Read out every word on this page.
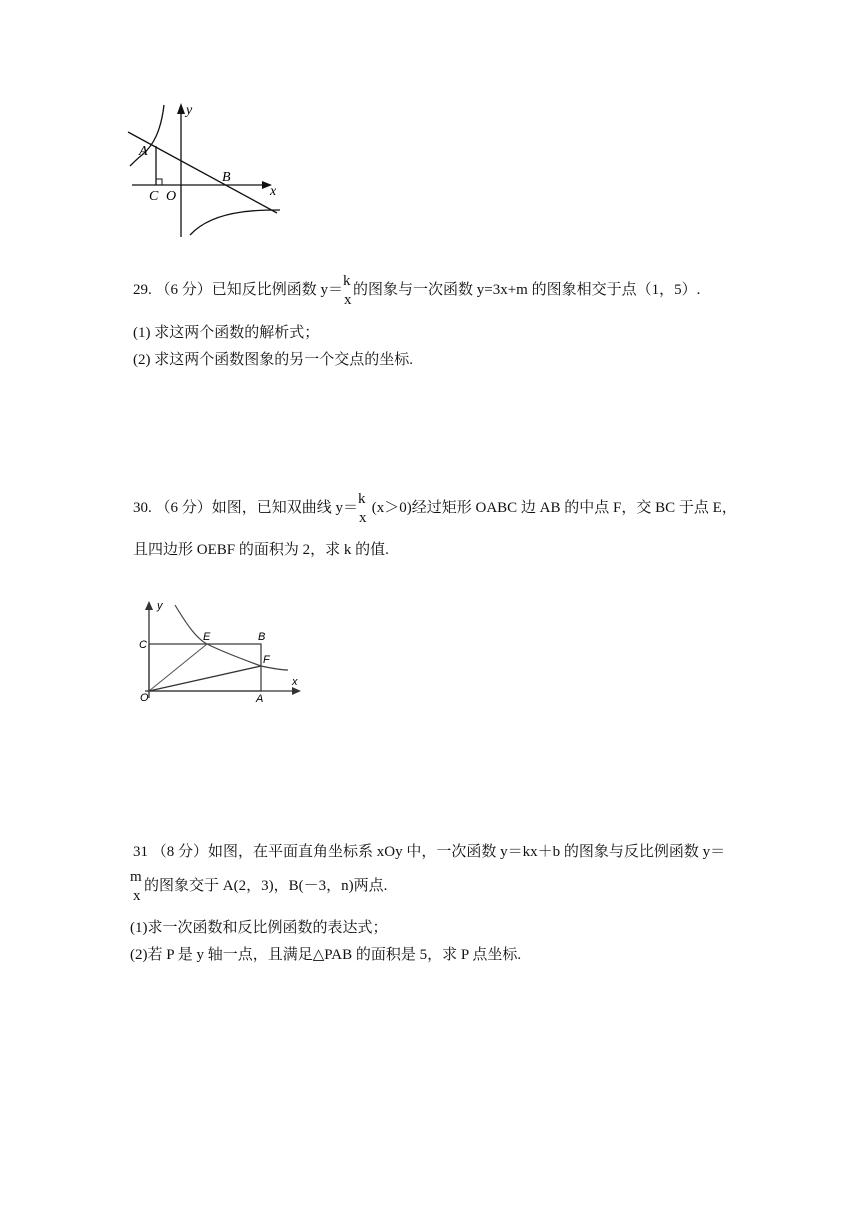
y
x
A
B
C O
29. （6 分）已知反比例函数 y＝
k
x
的图象与一次函数 y=3x+m 的图象相交于点（1，5）.
(1) 求这两个函数的解析式；
(2) 求这两个函数图象的另一个交点的坐标.
30. （6 分）如图，已知双曲线 y＝
k
x
(x＞0)经过矩形 OABC 边 AB 的中点 F，交 BC 于点 E，
且四边形 OEBF 的面积为 2，求 k 的值.
y
x
C
E	B
F
O	A
31 （8 分）如图，在平面直角坐标系 xOy 中，一次函数 y＝kx＋b 的图象与反比例函数 y＝
m
x
的图象交于 A(2，3)，B(－3，n)两点.
(1)求一次函数和反比例函数的表达式；
(2)若 P 是 y 轴一点，且满足△PAB 的面积是 5，求 P 点坐标.
